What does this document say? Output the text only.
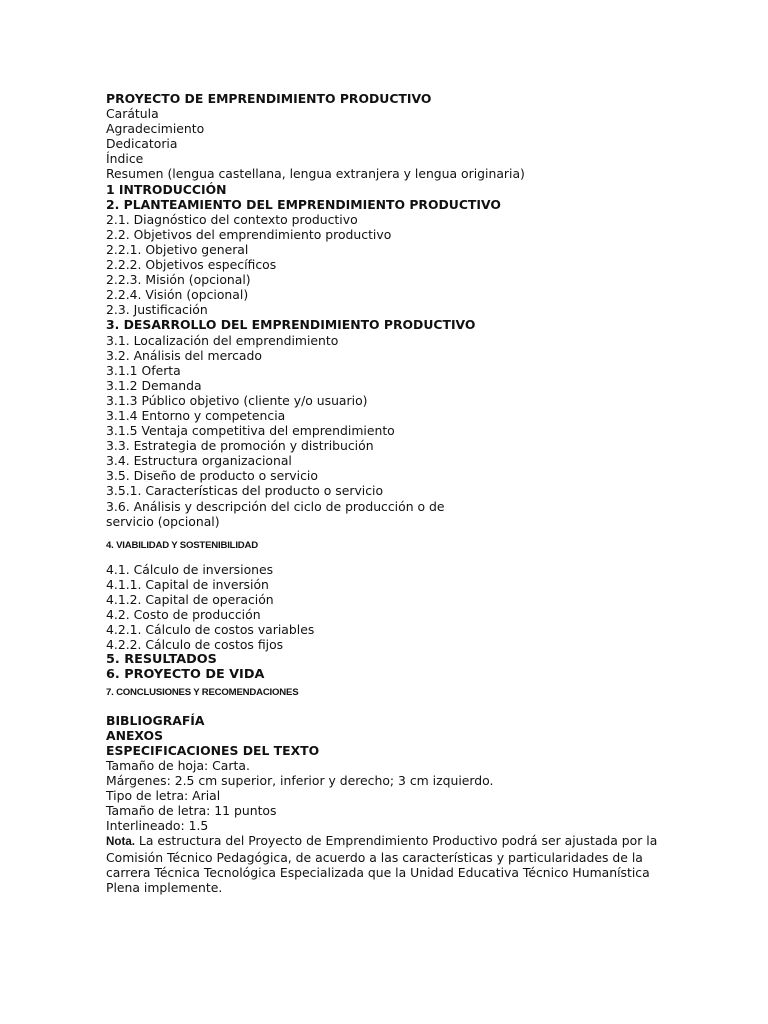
PROYECTO DE EMPRENDIMIENTO PRODUCTIVO
Carátula
Agradecimiento
Dedicatoria
Índice
Resumen (lengua castellana, lengua extranjera y lengua originaria)
1 INTRODUCCIÓN
2. PLANTEAMIENTO DEL EMPRENDIMIENTO PRODUCTIVO
2.1. Diagnóstico del contexto productivo
2.2. Objetivos del emprendimiento productivo
2.2.1. Objetivo general
2.2.2. Objetivos específicos
2.2.3. Misión (opcional)
2.2.4. Visión (opcional)
2.3. Justificación
3. DESARROLLO DEL EMPRENDIMIENTO PRODUCTIVO
3.1. Localización del emprendimiento
3.2. Análisis del mercado
3.1.1 Oferta
3.1.2 Demanda
3.1.3 Público objetivo (cliente y/o usuario)
3.1.4 Entorno y competencia
3.1.5 Ventaja competitiva del emprendimiento
3.3. Estrategia de promoción y distribución
3.4. Estructura organizacional
3.5. Diseño de producto o servicio
3.5.1. Características del producto o servicio
3.6. Análisis y descripción del ciclo de producción o de
servicio (opcional)
4. VIABILIDAD Y SOSTENIBILIDAD
4.1. Cálculo de inversiones
4.1.1. Capital de inversión
4.1.2. Capital de operación
4.2. Costo de producción
4.2.1. Cálculo de costos variables
4.2.2. Cálculo de costos fijos
5. RESULTADOS
6. PROYECTO DE VIDA
7. CONCLUSIONES Y RECOMENDACIONES
BIBLIOGRAFÍA
ANEXOS
ESPECIFICACIONES DEL TEXTO
Tamaño de hoja: Carta.
Márgenes: 2.5 cm superior, inferior y derecho; 3 cm izquierdo.
Tipo de letra: Arial
Tamaño de letra: 11 puntos
Interlineado: 1.5
Nota. La estructura del Proyecto de Emprendimiento Productivo podrá ser ajustada por la Comisión Técnico Pedagógica, de acuerdo a las características y particularidades de la carrera Técnica Tecnológica Especializada que la Unidad Educativa Técnico Humanística Plena implemente.
